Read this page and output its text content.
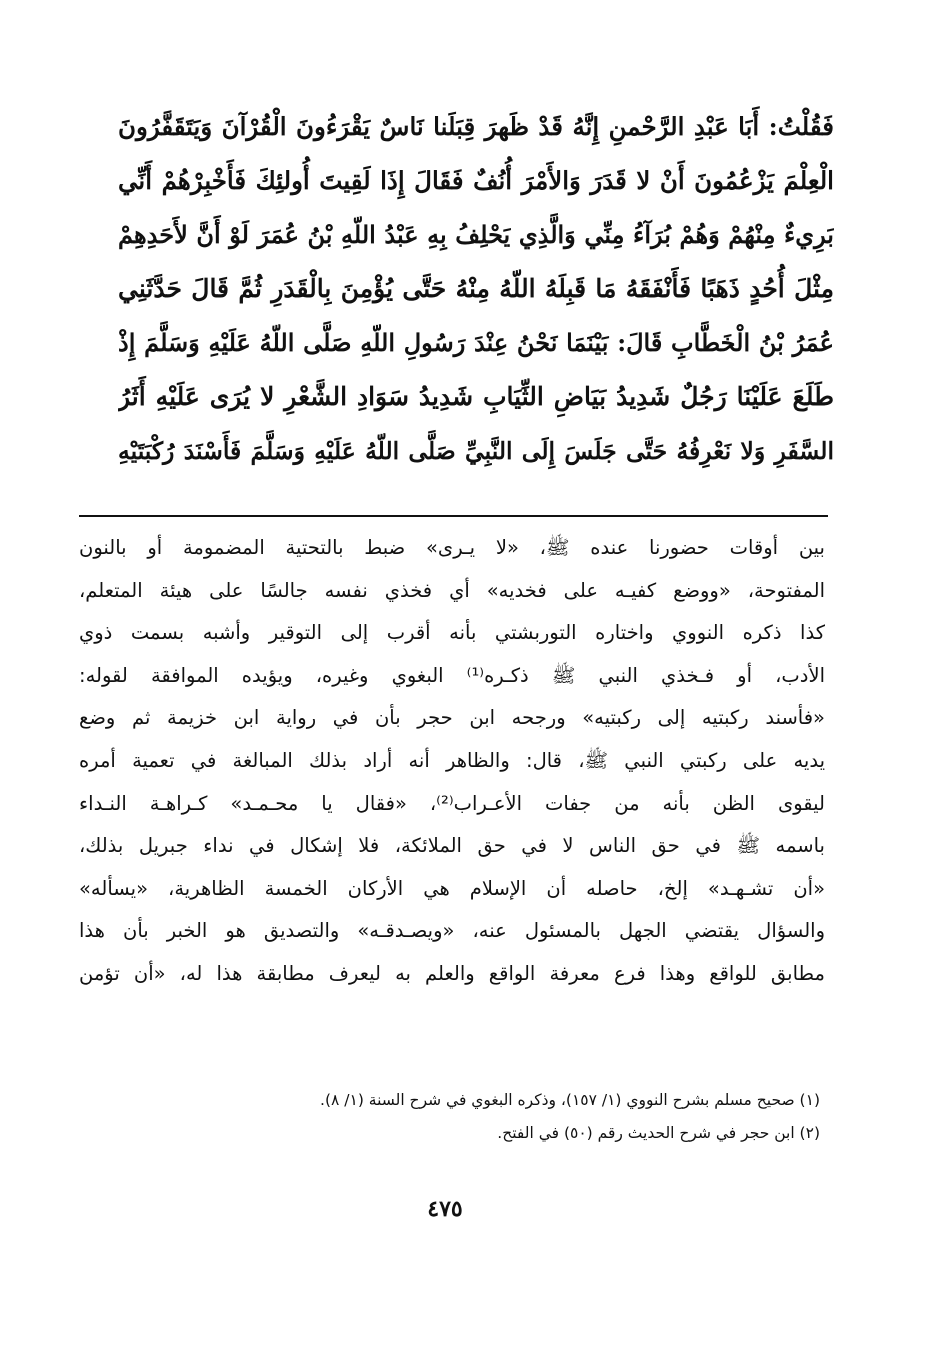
فَقُلْتُ: أَبَا عَبْدِ الرَّحْمنِ إِنَّهُ قَدْ ظَهرَ قِبَلَنا نَاسٌ يَقْرَءُونَ الْقُرْآنَ وَيَتَقَفَّرُونَ
الْعِلْمَ يَزْعُمُونَ أَنْ لا قَدَرَ وَالأَمْرَ أُنُفٌ فَقَالَ إِذَا لَقِيتَ أُولئِكَ فَأَخْبِرْهُمْ أَنِّي
بَرِيءٌ مِنْهُمْ وَهُمْ بُرَآءُ مِنِّي وَالَّذِي يَحْلِفُ بِهِ عَبْدُ اللّهِ بْنُ عُمَرَ لَوْ أَنَّ لأَحَدِهِمْ
مِثْلَ أُحُدٍ ذَهَبًا فَأَنْفَقَهُ مَا قَبِلَهُ اللّهُ مِنْهُ حَتَّى يُؤْمِنَ بِالْقَدَرِ ثُمَّ قَالَ حَدَّثَنِي
عُمَرُ بْنُ الْخَطَّابِ قَالَ: بَيْنَمَا نَحْنُ عِنْدَ رَسُولِ اللّهِ صَلَّى اللّهُ عَلَيْهِ وَسَلَّمَ إِذْ
طَلَعَ عَلَيْنَا رَجُلٌ شَدِيدُ بَيَاضِ الثِّيَابِ شَدِيدُ سَوَادِ الشَّعْرِ لا يُرَى عَلَيْهِ أَثَرُ
السَّفَرِ وَلا نَعْرِفُهُ حَتَّى جَلَسَ إِلَى النَّبِيِّ صَلَّى اللّهُ عَلَيْهِ وَسَلَّمَ فَأَسْنَدَ رُكْبَتَيْهِ
بين أوقات حضورنا عنده ﷺ، «لا يـرى» ضبط بالتحتية المضمومة أو بالنون
المفتوحة، «ووضع كفيـه على فخديه» أي فخذي نفسه جالسًا على هيئة المتعلم،
كذا ذكره النووي واختاره التوربشتي بأنه أقرب إلى التوقير وأشبه بسمت ذوي
الأدب، أو فـخذي النبي ﷺ ذكـره⁽¹⁾ البغوي وغيره، ويؤيده الموافقة لقوله:
«فأسند ركبتيه إلى ركبتيه» ورجحه ابن حجر بأن في رواية ابن خزيمة ثم وضع
يديه على ركبتي النبي ﷺ، قال: والظاهر أنه أراد بذلك المبالغة في تعمية أمره
ليقوى الظن بأنه من جفات الأعـراب⁽²⁾، «فقال يا محـمـد» كـراهـة النـداء
باسمه ﷺ في حق الناس لا في حق الملائكة، فلا إشكال في نداء جبريل بذلك،
«أن تشـهـد» إلخ، حاصله أن الإسلام هي الأركان الخمسة الظاهرية، «يسأله»
والسؤال يقتضي الجهل بالمسئول عنه، «ويصـدقـه» والتصديق هو الخبر بأن هذا
مطابق للواقع وهذا فرع معرفة الواقع والعلم به ليعرف مطابقة هذا له، «أن تؤمن
(١) صحيح مسلم بشرح النووي (١/ ١٥٧)، وذكره البغوي في شرح السنة (١/ ٨).
(٢) ابن حجر في شرح الحديث رقم (٥٠) في الفتح.
٤٧٥
